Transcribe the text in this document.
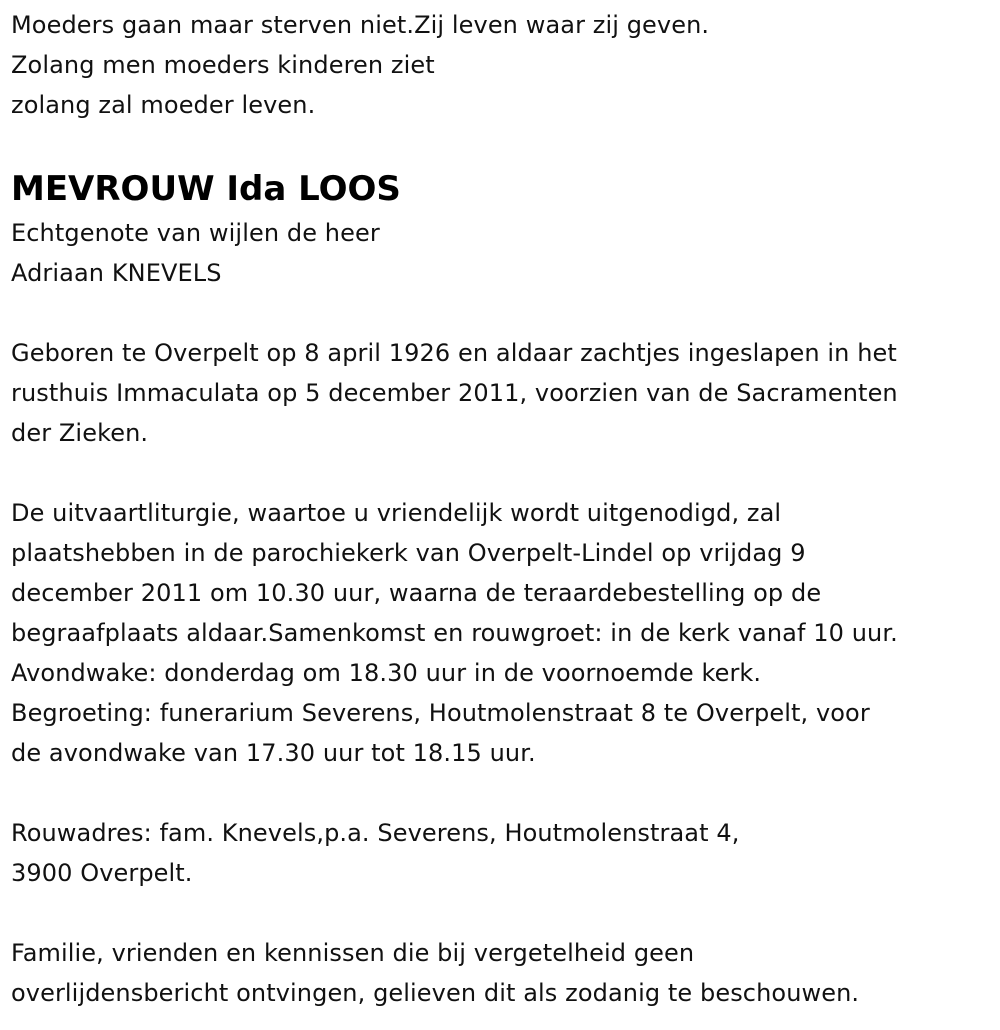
Moeders gaan maar sterven niet.Zij leven waar zij geven.
Zolang men moeders kinderen ziet
zolang zal moeder leven.
MEVROUW Ida LOOS
Echtgenote van wijlen de heer
Adriaan KNEVELS
Geboren te Overpelt op 8 april 1926 en aldaar zachtjes ingeslapen in het
rusthuis Immaculata op 5 december 2011, voorzien van de Sacramenten
der Zieken.
De uitvaartliturgie, waartoe u vriendelijk wordt uitgenodigd, zal
plaatshebben in de parochiekerk van Overpelt-Lindel op vrijdag 9
december 2011 om 10.30 uur, waarna de teraardebestelling op de
begraafplaats aldaar.Samenkomst en rouwgroet: in de kerk vanaf 10 uur.
Avondwake: donderdag om 18.30 uur in de voornoemde kerk.
Begroeting: funerarium Severens, Houtmolenstraat 8 te Overpelt, voor
de avondwake van 17.30 uur tot 18.15 uur.
Rouwadres: fam. Knevels,p.a. Severens, Houtmolenstraat 4,
3900 Overpelt.
Familie, vrienden en kennissen die bij vergetelheid geen
overlijdensbericht ontvingen, gelieven dit als zodanig te beschouwen.
